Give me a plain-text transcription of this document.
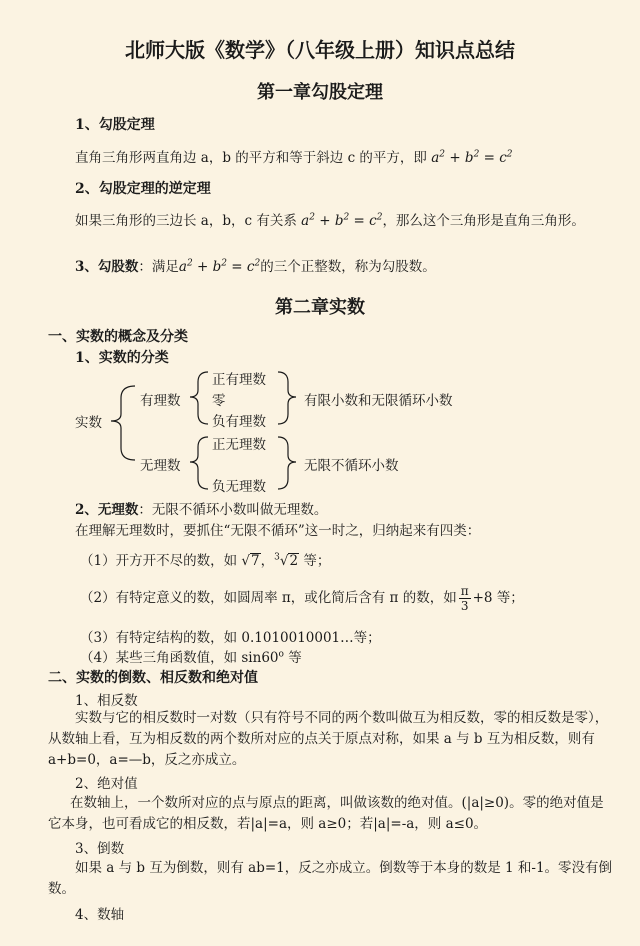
北师大版《数学》（八年级上册）知识点总结
第一章勾股定理
1、勾股定理
直角三角形两直角边 a，b 的平方和等于斜边 c 的平方，即 $a^2 + b^2 = c^2$
2、勾股定理的逆定理
如果三角形的三边长 a，b，c 有关系 $a^2 + b^2 = c^2$，那么这个三角形是直角三角形。
3、勾股数：满足$a^2 + b^2 = c^2$的三个正整数，称为勾股数。
第二章实数
一、实数的概念及分类
1、实数的分类
实数
有理数
无理数
正有理数
零
负有理数
有限小数和无限循环小数
正无理数
负无理数
无限不循环小数
2、无理数：无限不循环小数叫做无理数。
在理解无理数时，要抓住“无限不循环”这一时之，归纳起来有四类：
（1）开方开不尽的数，如 √7，$^3$√2 等；
（2）有特定意义的数，如圆周率 π，或化简后含有 π 的数，如 $\frac{\pi}{3} +8$ 等；
（3）有特定结构的数，如 0.1010010001…等；
（4）某些三角函数值，如 sin60$^o$ 等
二、实数的倒数、相反数和绝对值
1、相反数
实数与它的相反数时一对数（只有符号不同的两个数叫做互为相反数，零的相反数是零），从数轴上看，互为相反数的两个数所对应的点关于原点对称，如果 a 与 b 互为相反数，则有 a+b=0，a=—b，反之亦成立。
2、绝对值
在数轴上，一个数所对应的点与原点的距离，叫做该数的绝对值。(|a|≥0)。零的绝对值是它本身，也可看成它的相反数，若|a|=a，则 a≥0；若|a|=-a，则 a≤0。
3、倒数
如果 a 与 b 互为倒数，则有 ab=1，反之亦成立。倒数等于本身的数是 1 和-1。零没有倒数。
4、数轴
